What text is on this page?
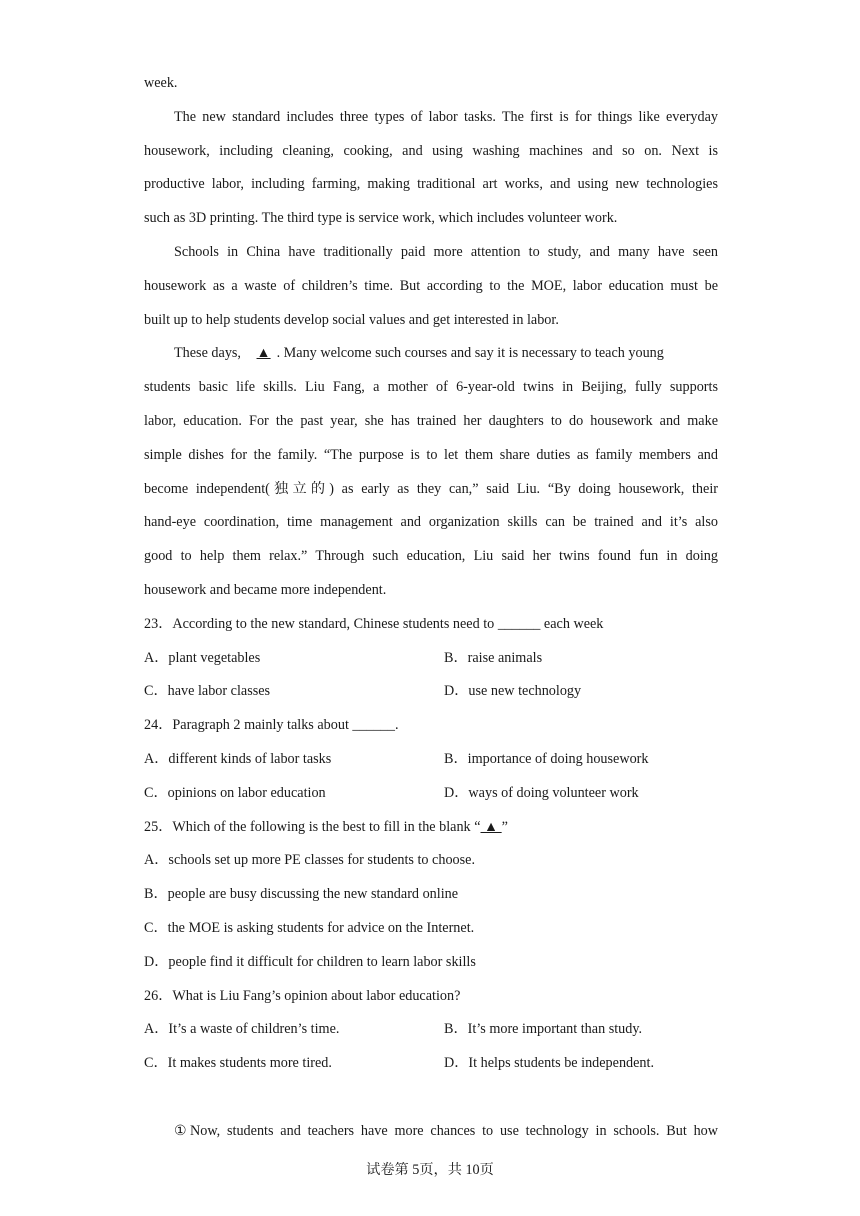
week.
The new standard includes three types of labor tasks. The first is for things like everyday
housework, including cleaning, cooking, and using washing machines and so on. Next is
productive labor, including farming, making traditional art works, and using new technologies
such as 3D printing. The third type is service work, which includes volunteer work.
Schools in China have traditionally paid more attention to study, and many have seen
housework as a waste of children’s time. But according to the MOE, labor education must be
built up to help students develop social values and get interested in labor.
These days, ▲ . Many welcome such courses and say it is necessary to teach young
students basic life skills. Liu Fang, a mother of 6-year-old twins in Beijing, fully supports
labor, education. For the past year, she has trained her daughters to do housework and make
simple dishes for the family. “The purpose is to let them share duties as family members and
become independent(独立的) as early as they can,” said Liu. “By doing housework, their
hand-eye coordination, time management and organization skills can be trained and it’s also
good to help them relax.” Through such education, Liu said her twins found fun in doing
housework and became more independent.
23．According to the new standard, Chinese students need to ______ each week
A．plant vegetables	B．raise animals
C．have labor classes	D．use new technology
24．Paragraph 2 mainly talks about ______.
A．different kinds of labor tasks	B．importance of doing housework
C．opinions on labor education	D．ways of doing volunteer work
25．Which of the following is the best to fill in the blank “ ▲ ”
A．schools set up more PE classes for students to choose.
B．people are busy discussing the new standard online
C．the MOE is asking students for advice on the Internet.
D．people find it difficult for children to learn labor skills
26．What is Liu Fang’s opinion about labor education?
A．It’s a waste of children’s time.	B．It’s more important than study.
C．It makes students more tired.	D．It helps students be independent.
①Now, students and teachers have more chances to use technology in schools. But how
试卷第 5页，共 10页
